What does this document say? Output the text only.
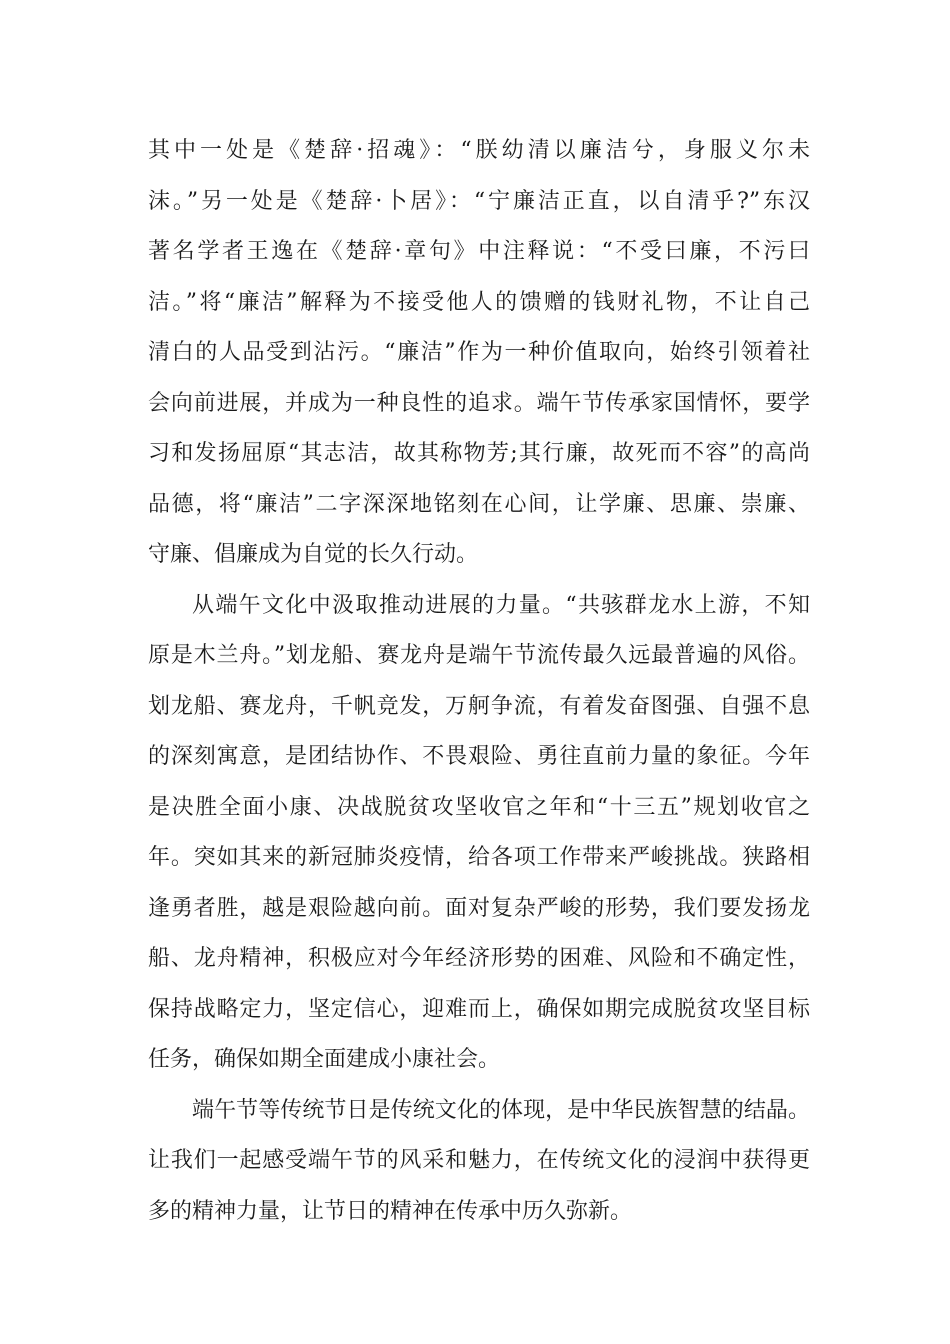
其中一处是《楚辞·招魂》：“朕幼清以廉洁兮，身服义尔未
沫。”另一处是《楚辞·卜居》：“宁廉洁正直，以自清乎?”东汉
著名学者王逸在《楚辞·章句》中注释说：“不受曰廉，不污曰
洁。”将“廉洁”解释为不接受他人的馈赠的钱财礼物，不让自己
清白的人品受到沾污。“廉洁”作为一种价值取向，始终引领着社
会向前进展，并成为一种良性的追求。端午节传承家国情怀，要学
习和发扬屈原“其志洁，故其称物芳;其行廉，故死而不容”的高尚
品德，将“廉洁”二字深深地铭刻在心间，让学廉、思廉、崇廉、
守廉、倡廉成为自觉的长久行动。
从端午文化中汲取推动进展的力量。“共骇群龙水上游，不知
原是木兰舟。”划龙船、赛龙舟是端午节流传最久远最普遍的风俗。
划龙船、赛龙舟，千帆竞发，万舸争流，有着发奋图强、自强不息
的深刻寓意，是团结协作、不畏艰险、勇往直前力量的象征。今年
是决胜全面小康、决战脱贫攻坚收官之年和“十三五”规划收官之
年。突如其来的新冠肺炎疫情，给各项工作带来严峻挑战。狭路相
逢勇者胜，越是艰险越向前。面对复杂严峻的形势，我们要发扬龙
船、龙舟精神，积极应对今年经济形势的困难、风险和不确定性，
保持战略定力，坚定信心，迎难而上，确保如期完成脱贫攻坚目标
任务，确保如期全面建成小康社会。
端午节等传统节日是传统文化的体现，是中华民族智慧的结晶。
让我们一起感受端午节的风采和魅力，在传统文化的浸润中获得更
多的精神力量，让节日的精神在传承中历久弥新。
